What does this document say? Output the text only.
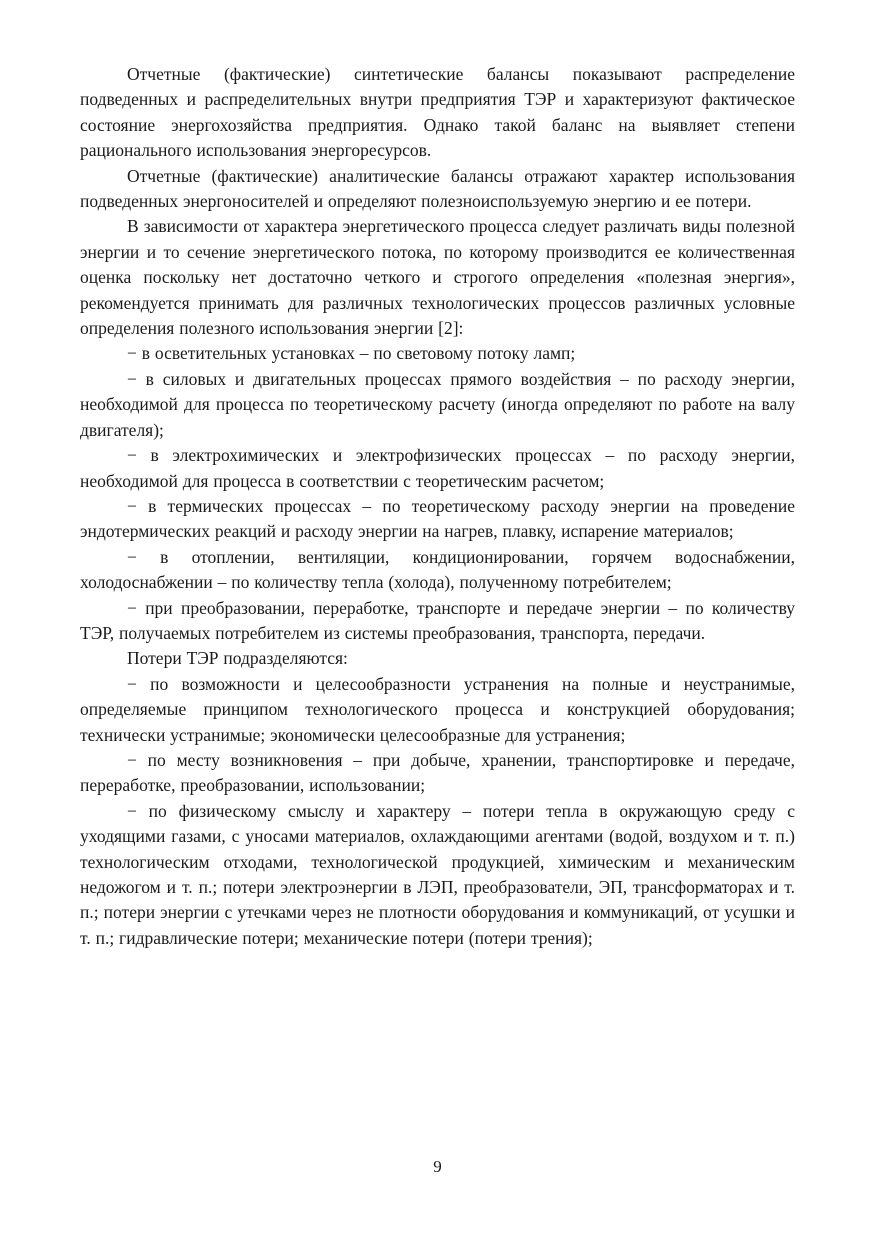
Отчетные (фактические) синтетические балансы показывают распределение подведенных и распределительных внутри предприятия ТЭР и характеризуют фактическое состояние энергохозяйства предприятия. Однако такой баланс на выявляет степени рационального использования энергоресурсов.

Отчетные (фактические) аналитические балансы отражают характер использования подведенных энергоносителей и определяют полезноиспользуемую энергию и ее потери.

В зависимости от характера энергетического процесса следует различать виды полезной энергии и то сечение энергетического потока, по которому производится ее количественная оценка поскольку нет достаточно четкого и строгого определения «полезная энергия», рекомендуется принимать для различных технологических процессов различных условные определения полезного использования энергии [2]:

− в осветительных установках – по световому потоку ламп;

− в силовых и двигательных процессах прямого воздействия – по расходу энергии, необходимой для процесса по теоретическому расчету (иногда определяют по работе на валу двигателя);

− в электрохимических и электрофизических процессах – по расходу энергии, необходимой для процесса в соответствии с теоретическим расчетом;

− в термических процессах – по теоретическому расходу энергии на проведение эндотермических реакций и расходу энергии на нагрев, плавку, испарение материалов;

− в отоплении, вентиляции, кондиционировании, горячем водоснабжении, холодоснабжении – по количеству тепла (холода), полученному потребителем;

− при преобразовании, переработке, транспорте и передаче энергии – по количеству ТЭР, получаемых потребителем из системы преобразования, транспорта, передачи.

Потери ТЭР подразделяются:

− по возможности и целесообразности устранения на полные и неустранимые, определяемые принципом технологического процесса и конструкцией оборудования; технически устранимые; экономически целесообразные для устранения;

− по месту возникновения – при добыче, хранении, транспортировке и передаче, переработке, преобразовании, использовании;

− по физическому смыслу и характеру – потери тепла в окружающую среду с уходящими газами, с уносами материалов, охлаждающими агентами (водой, воздухом и т. п.) технологическим отходами, технологической продукцией, химическим и механическим недожогом и т. п.; потери электроэнергии в ЛЭП, преобразователи, ЭП, трансформаторах и т. п.; потери энергии с утечками через не плотности оборудования и коммуникаций, от усушки и т. п.; гидравлические потери; механические потери (потери трения);

9
